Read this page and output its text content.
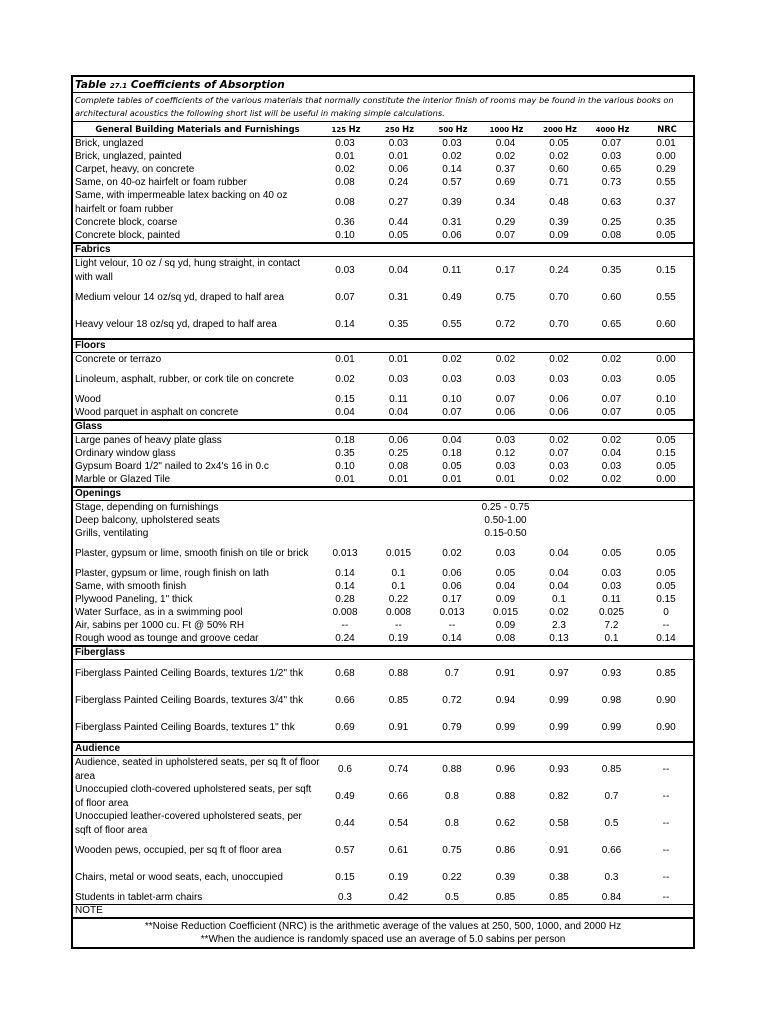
Table 27.1 Coefficients of Absorption
Complete tables of coefficients of the various materials that normally constitute the interior finish of rooms may be found in the various books on architectural acoustics the following short list will be useful in making simple calculations.
General Building Materials and Furnishings	125 Hz	250 Hz	500 Hz	1000 Hz	2000 Hz	4000 Hz	NRC
Brick, unglazed	0.03	0.03	0.03	0.04	0.05	0.07	0.01
Brick, unglazed, painted	0.01	0.01	0.02	0.02	0.02	0.03	0.00
Carpet, heavy, on concrete	0.02	0.06	0.14	0.37	0.60	0.65	0.29
Same, on 40-oz hairfelt or foam rubber	0.08	0.24	0.57	0.69	0.71	0.73	0.55
Same, with impermeable latex backing on 40 oz hairfelt or foam rubber	0.08	0.27	0.39	0.34	0.48	0.63	0.37
Concrete block, coarse	0.36	0.44	0.31	0.29	0.39	0.25	0.35
Concrete block, painted	0.10	0.05	0.06	0.07	0.09	0.08	0.05
Fabrics							
Light velour, 10 oz / sq yd, hung straight, in contact with wall	0.03	0.04	0.11	0.17	0.24	0.35	0.15
Medium velour 14 oz/sq yd, draped to half area	0.07	0.31	0.49	0.75	0.70	0.60	0.55
Heavy velour 18 oz/sq yd, draped to half area	0.14	0.35	0.55	0.72	0.70	0.65	0.60
Floors							
Concrete or terrazo	0.01	0.01	0.02	0.02	0.02	0.02	0.00
Linoleum, asphalt, rubber, or cork tile on concrete	0.02	0.03	0.03	0.03	0.03	0.03	0.05
Wood	0.15	0.11	0.10	0.07	0.06	0.07	0.10
Wood parquet in asphalt on concrete	0.04	0.04	0.07	0.06	0.06	0.07	0.05
Glass							
Large panes of heavy plate glass	0.18	0.06	0.04	0.03	0.02	0.02	0.05
Ordinary window glass	0.35	0.25	0.18	0.12	0.07	0.04	0.15
Gypsum Board 1/2" nailed to 2x4's 16 in 0.c	0.10	0.08	0.05	0.03	0.03	0.03	0.05
Marble or Glazed Tile	0.01	0.01	0.01	0.01	0.02	0.02	0.00
Openings							
Stage, depending on furnishings				0.25 - 0.75			
Deep balcony, upholstered seats				0.50-1.00			
Grills, ventilating				0.15-0.50			
Plaster, gypsum or lime, smooth finish on tile or brick	0.013	0.015	0.02	0.03	0.04	0.05	0.05
Plaster, gypsum or lime, rough finish on lath	0.14	0.1	0.06	0.05	0.04	0.03	0.05
Same, with smooth finish	0.14	0.1	0.06	0.04	0.04	0.03	0.05
Plywood Paneling, 1" thick	0.28	0.22	0.17	0.09	0.1	0.11	0.15
Water Surface, as in a swimming pool	0.008	0.008	0.013	0.015	0.02	0.025	0
Air, sabins per 1000 cu. Ft @ 50% RH	--	--	--	0.09	2.3	7.2	--
Rough wood as tounge and groove cedar	0.24	0.19	0.14	0.08	0.13	0.1	0.14
Fiberglass							
Fiberglass Painted Ceiling Boards, textures 1/2" thk	0.68	0.88	0.7	0.91	0.97	0.93	0.85
Fiberglass Painted Ceiling Boards, textures 3/4" thk	0.66	0.85	0.72	0.94	0.99	0.98	0.90
Fiberglass Painted Ceiling Boards, textures 1" thk	0.69	0.91	0.79	0.99	0.99	0.99	0.90
Audience							
Audience, seated in upholstered seats, per sq ft of floor area	0.6	0.74	0.88	0.96	0.93	0.85	--
Unoccupied cloth-covered upholstered seats, per sqft of floor area	0.49	0.66	0.8	0.88	0.82	0.7	--
Unoccupied leather-covered upholstered seats, per sqft of floor area	0.44	0.54	0.8	0.62	0.58	0.5	--
Wooden pews, occupied, per sq ft of floor area	0.57	0.61	0.75	0.86	0.91	0.66	--
Chairs, metal or wood seats, each, unoccupied	0.15	0.19	0.22	0.39	0.38	0.3	--
Students in tablet-arm chairs	0.3	0.42	0.5	0.85	0.85	0.84	--
NOTE

**Noise Reduction Coefficient (NRC) is the arithmetic average of the values at 250, 500, 1000, and 2000 Hz
**When the audience is randomly spaced use an average of 5.0 sabins per person
